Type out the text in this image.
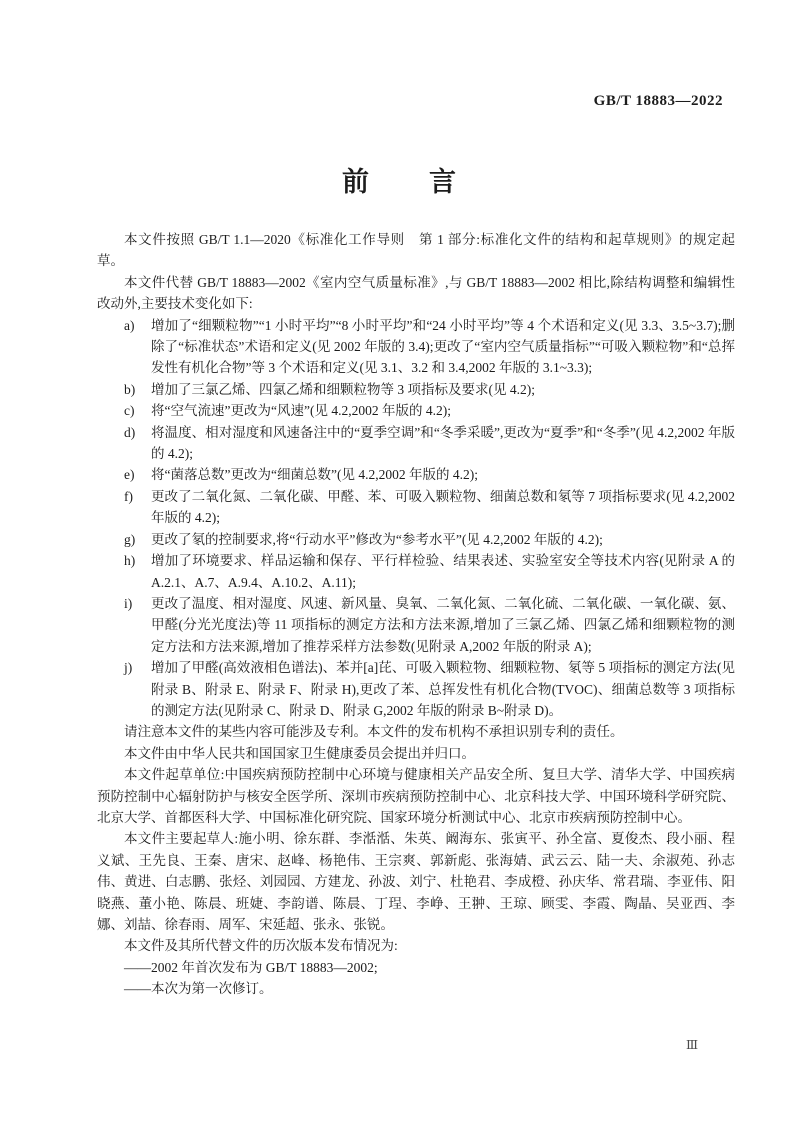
GB/T 18883—2022
前　　言

本文件按照 GB/T 1.1—2020《标准化工作导则　第 1 部分:标准化文件的结构和起草规则》的规定起草。

本文件代替 GB/T 18883—2002《室内空气质量标准》,与 GB/T 18883—2002 相比,除结构调整和编辑性改动外,主要技术变化如下:

a) 增加了“细颗粒物”“1 小时平均”“8 小时平均”和“24 小时平均”等 4 个术语和定义(见 3.3、3.5~3.7);删除了“标准状态”术语和定义(见 2002 年版的 3.4);更改了“室内空气质量指标”“可吸入颗粒物”和“总挥发性有机化合物”等 3 个术语和定义(见 3.1、3.2 和 3.4,2002 年版的 3.1~3.3);
b) 增加了三氯乙烯、四氯乙烯和细颗粒物等 3 项指标及要求(见 4.2);
c) 将“空气流速”更改为“风速”(见 4.2,2002 年版的 4.2);
d) 将温度、相对湿度和风速备注中的“夏季空调”和“冬季采暖”,更改为“夏季”和“冬季”(见 4.2,2002 年版的 4.2);
e) 将“菌落总数”更改为“细菌总数”(见 4.2,2002 年版的 4.2);
f) 更改了二氧化氮、二氧化碳、甲醛、苯、可吸入颗粒物、细菌总数和氡等 7 项指标要求(见 4.2,2002 年版的 4.2);
g) 更改了氡的控制要求,将“行动水平”修改为“参考水平”(见 4.2,2002 年版的 4.2);
h) 增加了环境要求、样品运输和保存、平行样检验、结果表述、实验室安全等技术内容(见附录 A 的 A.2.1、A.7、A.9.4、A.10.2、A.11);
i) 更改了温度、相对湿度、风速、新风量、臭氧、二氧化氮、二氧化硫、二氧化碳、一氧化碳、氨、甲醛(分光光度法)等 11 项指标的测定方法和方法来源,增加了三氯乙烯、四氯乙烯和细颗粒物的测定方法和方法来源,增加了推荐采样方法参数(见附录 A,2002 年版的附录 A);
j) 增加了甲醛(高效液相色谱法)、苯并[a]芘、可吸入颗粒物、细颗粒物、氡等 5 项指标的测定方法(见附录 B、附录 E、附录 F、附录 H),更改了苯、总挥发性有机化合物(TVOC)、细菌总数等 3 项指标的测定方法(见附录 C、附录 D、附录 G,2002 年版的附录 B~附录 D)。

请注意本文件的某些内容可能涉及专利。本文件的发布机构不承担识别专利的责任。

本文件由中华人民共和国国家卫生健康委员会提出并归口。

本文件起草单位:中国疾病预防控制中心环境与健康相关产品安全所、复旦大学、清华大学、中国疾病预防控制中心辐射防护与核安全医学所、深圳市疾病预防控制中心、北京科技大学、中国环境科学研究院、北京大学、首都医科大学、中国标准化研究院、国家环境分析测试中心、北京市疾病预防控制中心。

本文件主要起草人:施小明、徐东群、李湉湉、朱英、阚海东、张寅平、孙全富、夏俊杰、段小丽、程义斌、王先良、王秦、唐宋、赵峰、杨艳伟、王宗爽、郭新彪、张海婧、武云云、陆一夫、余淑苑、孙志伟、黄进、白志鹏、张烃、刘园园、方建龙、孙波、刘宁、杜艳君、李成橙、孙庆华、常君瑞、李亚伟、阳晓燕、董小艳、陈晨、班婕、李韵谱、陈晨、丁珵、李峥、王翀、王琼、顾雯、李霞、陶晶、吴亚西、李娜、刘喆、徐春雨、周军、宋延超、张永、张锐。

本文件及其所代替文件的历次版本发布情况为:

——2002 年首次发布为 GB/T 18883—2002;

——本次为第一次修订。

Ⅲ
